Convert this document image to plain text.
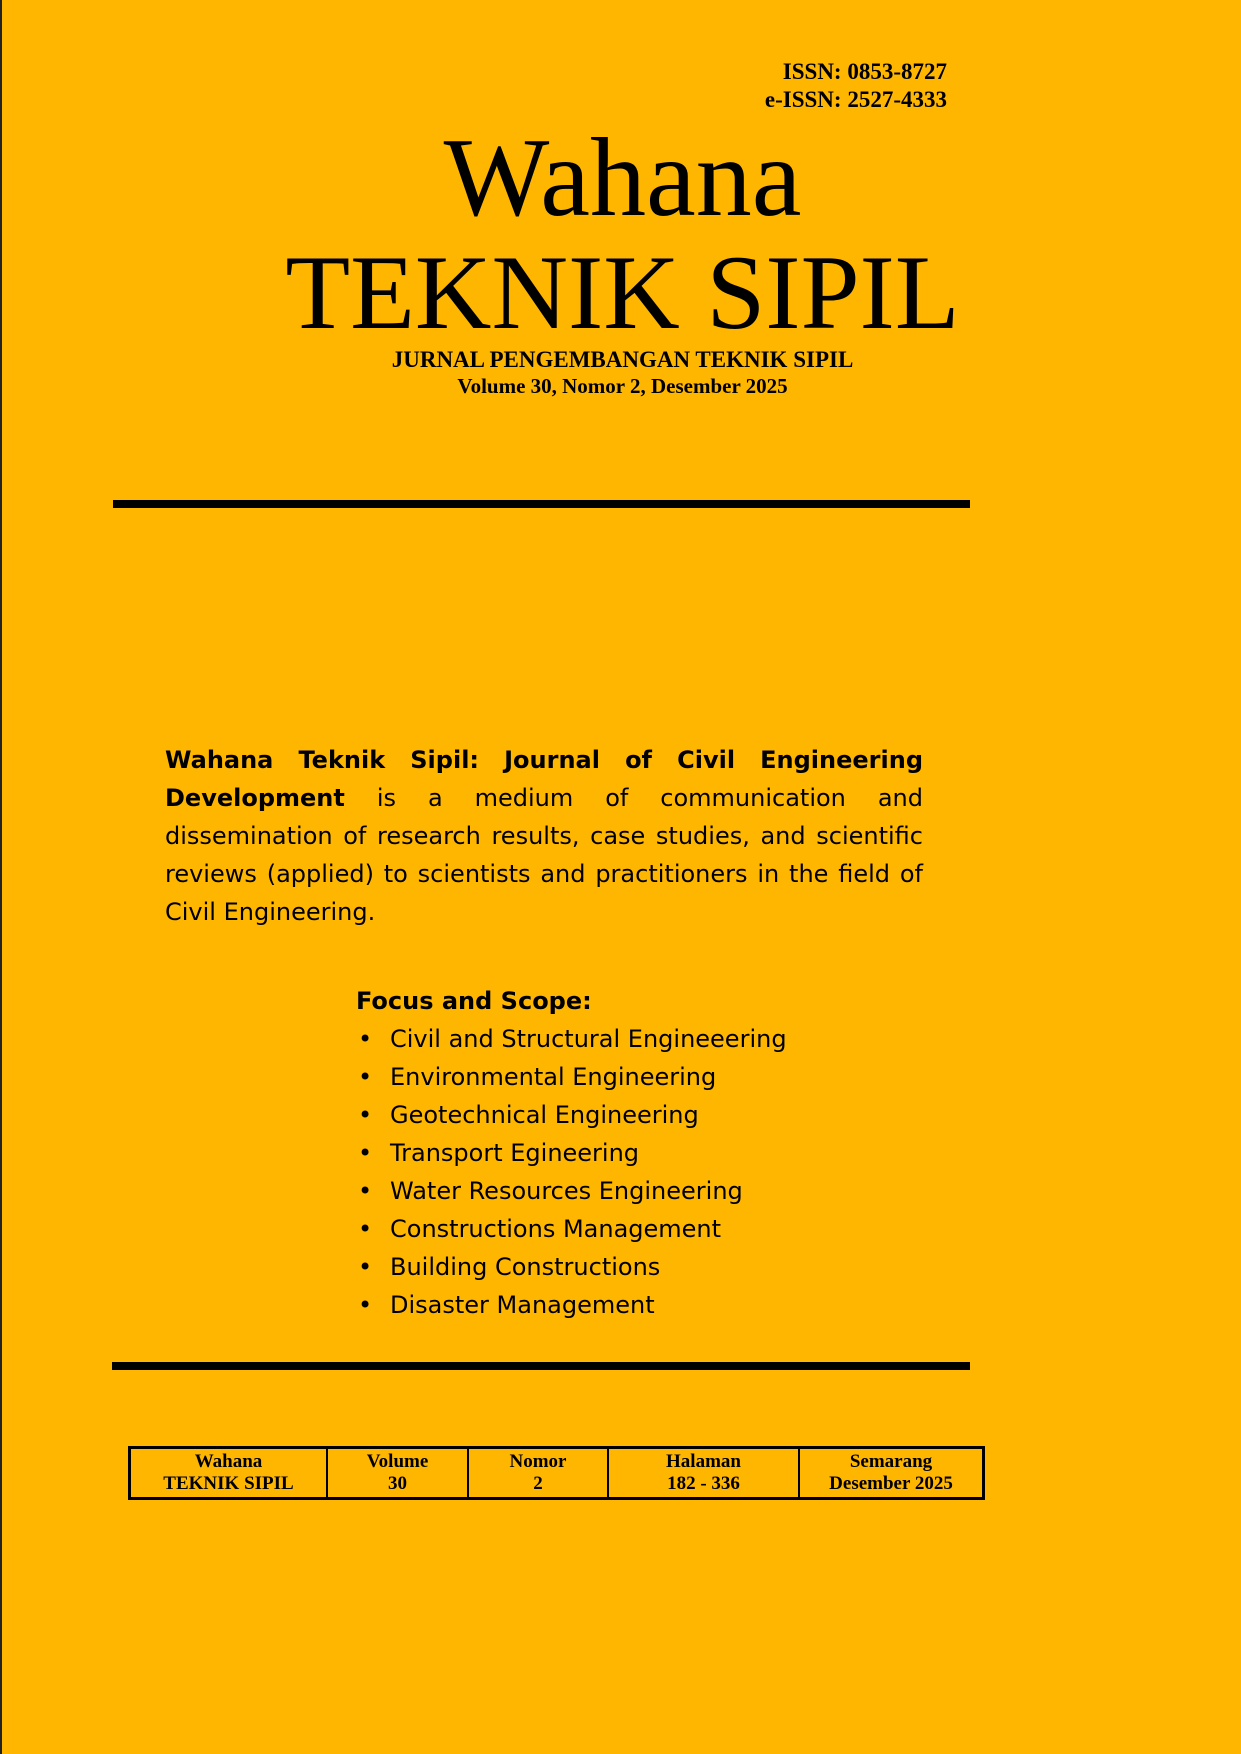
ISSN: 0853-8727
e-ISSN: 2527-4333
Wahana
TEKNIK SIPIL
JURNAL PENGEMBANGAN TEKNIK SIPIL
Volume 30, Nomor 2, Desember 2025
Wahana Teknik Sipil: Journal of Civil Engineering Development is a medium of communication and dissemination of research results, case studies, and scientific reviews (applied) to scientists and practitioners in the field of Civil Engineering.
Focus and Scope:
• Civil and Structural Engineeering
• Environmental Engineering
• Geotechnical Engineering
• Transport Egineering
• Water Resources Engineering
• Constructions Management
• Building Constructions
• Disaster Management
Wahana
TEKNIK SIPIL

Volume
30

Nomor
2

Halaman
182 - 336

Semarang
Desember 2025
